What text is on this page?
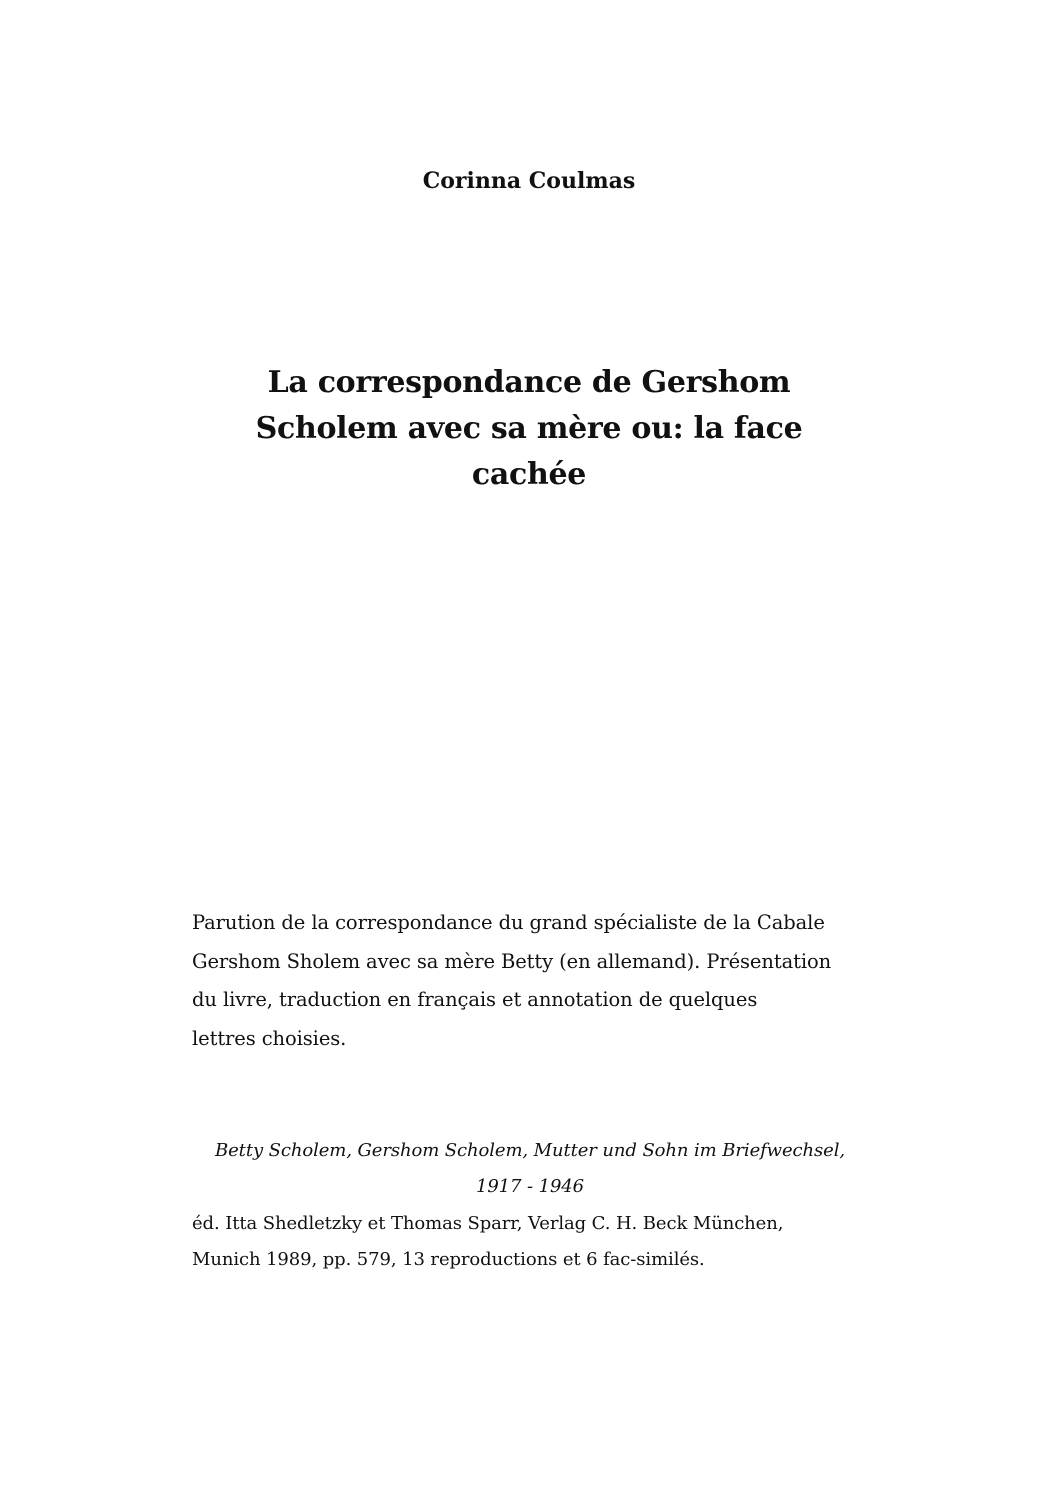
Corinna Coulmas
La correspondance de Gershom
Scholem avec sa mère ou: la face
cachée
Parution de la correspondance du grand spécialiste de la Cabale
Gershom Sholem avec sa mère Betty (en allemand). Présentation
du livre, traduction en français et annotation de quelques
lettres choisies.
Betty Scholem, Gershom Scholem, Mutter und Sohn im Briefwechsel,
1917 - 1946
éd. Itta Shedletzky et Thomas Sparr, Verlag C. H. Beck München,
Munich 1989, pp. 579, 13 reproductions et 6 fac-similés.
